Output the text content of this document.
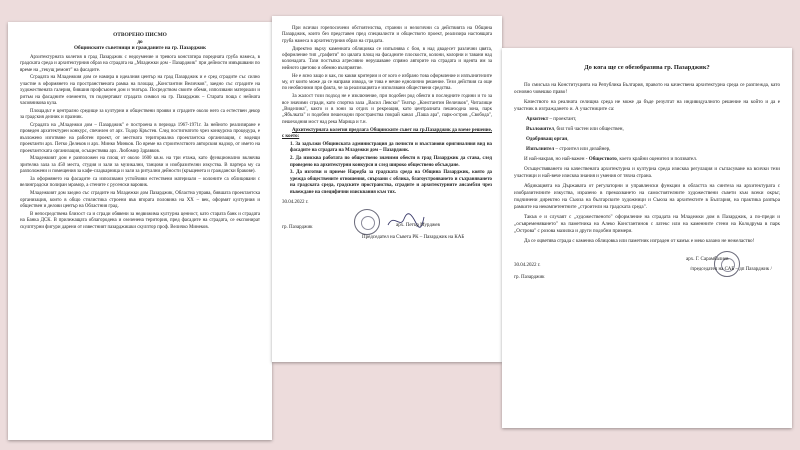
ОТВОРЕНО ПИСМО
до
Общинските съветници и гражданите на гр. Пазарджик

Архитектурната колегия в град Пазарджик с недоумение и тревога констатира поредната груба намеса, в градската среда и архитектурния образ на сградата на „Младежки дом - Пазарджик" при дейности извършвани по време на „текущ ремонт" на фасадите.

Сградата на Младежкия дом се намира в идеалния център на град Пазарджик и е сред сградите със силно участие в оформянето на пространствената рамка на площад „Константин Величков", заедно със сградите на художествената галерия, бившия профсъюзен дом и театъра. Посредством своите обеми, използвани материали и ритъм на фасадните елементи, тя подчертават сградата символ на гр. Пазарджик – Старата поща с нейната часовникова кула.

Площадът е централно средище за културни и обществени прояви и сградите около него са естествен декор за градския делник и празник.

Сградата на „Младежки дом – Пазарджик" е построена в периода 1967-1971г. За нейното реализиране е проведен архитектурен конкурс, спечелен от арх. Тодор Кръстев. След постигнатото чрез конкурсна процедура, е възложено изготвяне на работен проект, от местната териториална проектантска организация, с водещи проектанти арх. Петко Делеков и арх. Минко Минков. По време на строителството авторския надзор, от името на проектантската организация, осъществява арх. Любомир Здравков.

Младежкият дом е разположен на площ от около 1600 кв.м. на три етажа, като функционално включва зрителна зала за 450 места, студия и зали за музикални, танцови и изобразителни изкуства. В партера му са разположени и помещения за кафе-сладкарница и зали за ритуални дейности (кръщенета и граждански бракове).

За оформянето на фасадите са използвани устойчиви естествени материали – колоните са облицовани с велинградски полиран мрамор, а стените с русенски варовик.

Младежкият дом заедно със сградите на Младежки дом Пазарджик, Областна управа, бившата проектантска организация, които в общо стилистика строени във втората половина на ХХ – век, оформят културния и обществен и делови център на Областния град.

В непосредствена близост са и сгради обявени за недвижима културна ценност, като старата банк и сградата на Банка ДСК. В прилежащата облагородена и озеленена територия, пред фасадите на сградата, се експонират скулптурни фигури дарени от известният пазарджишки скулптор проф. Величко Минеков.

При всички горепосочени обстоятелства, странни и нелогични са действията на Община Пазарджик, които без представен пред специалисти и обществото проект, реализира настоящата груба намеса в архитектурния образ на сградата.

Директно върху каменната облицовка се изпълнява с бои, в над двадесет различни цвята, оформление тип „графити" по цялата площ на фасадните плоскости, колони, колорни и тавани над колонадата. Тази постъпка агресивно нерушаване спрямо авторите на сградата и идеята им за нейното цветово и обемно възприятие.

Не е ясно защо и как, по какви критерии и от кого е избрано това оформление и изпълнителите му, от които може да се направи извода, че това е нечие еднолично решение. Тези действия са още по необясними при факта, че за реализацията е използвани обществени средства.

За жалост този подход не е изключение, при подобен род обекти в последните години и то за все значими сгради, като спортна зала „Васил Левски" Театър „Константин Величков", Читалище „Виделина", както и в зони за отдих и рекреация, като централната пешеходна зона, парк „Ябълката" и подобни пешеходни пространства покрай канал „Паша ара", парк-остров „Свобода", пешеходния мост над река Марица и т.н.

Архитектурната колегия предлага Общинските съвет на гр.Пазарджик да вземе решение, с което:

1. За задължи Общинската администрация да почисти и възстанови оригиналния вид на фасадите на сградата на Младежки дом – Пазарджик.

2. Да изисква работата по обществено значими обекти в град Пазарджик да става, след проведено на архитектурни конкурси и след широко обществено обсъждане.

3. Да изготви и приеме Наредба за градската среда на Община Пазарджик, която да урежда обществените отношения, свързани с облика, благоустрояването и съхраняването на градската среда, градските пространства, сградите и архитектурните ансамбли чрез въвеждане на специфични изисквания към тях.

30.04.2022 г.
гр. Пазарджик	арх. Петър Мурджев
Председател на Съвета РК – Пазарджик на КАБ
До кога ще се обезобразява гр. Пазарджик?

По смисъла на Конституцията на Република България, правото на качествена архитектурна среда се разглежда, като основно човешко право!

Качеството на реалната селищна среда не може да бъде резултат на индивидуалното решение на който и да е участник в изграждането и. А участниците са:

Архитект – проектант,
Възложител, бил той частен или обществен,
Одобряващ орган,
Изпълнител – строител или дизайнер,

И най-накрая, но най-важен - Обществото, което крайни оценител и ползвател.

Осъществяването на качествената архитектурна и културна среда изисква регулация и съгласуване на всички тези участници и най-вече изисква знания и умения от тяхна страна.

Абдикацията на Държавата от регулаторни и управленски функции в областта на синтеза на архитектурата с изобразителните изкуства, изразено в премахването на самостоятелните художествени съвети към всеки окръг, подчинени директно на Съюза на българските художници и Съюза на архитектите в България, на практика разпъра рамките на некомпетентните „строители на градската среда".

Такъв е и случаят с „художественото" оформление на сградата на Младежки дом в Пазарджик, а по-преди и „осъвременяването" на паметника на Алеко Константинов с латекс или на каменните стени на Колодрума в парк „Острова" с розова мазилка и други подобни примери.

Да се оцветява сграда с каменна облицовка или паметник изграден от камък е меко казано не нежеластво!

30.04.2022 г.
гр. Пазарджик
арх. Г. Сарамбалиев
/председател на САБ – дп Пазарджик /
